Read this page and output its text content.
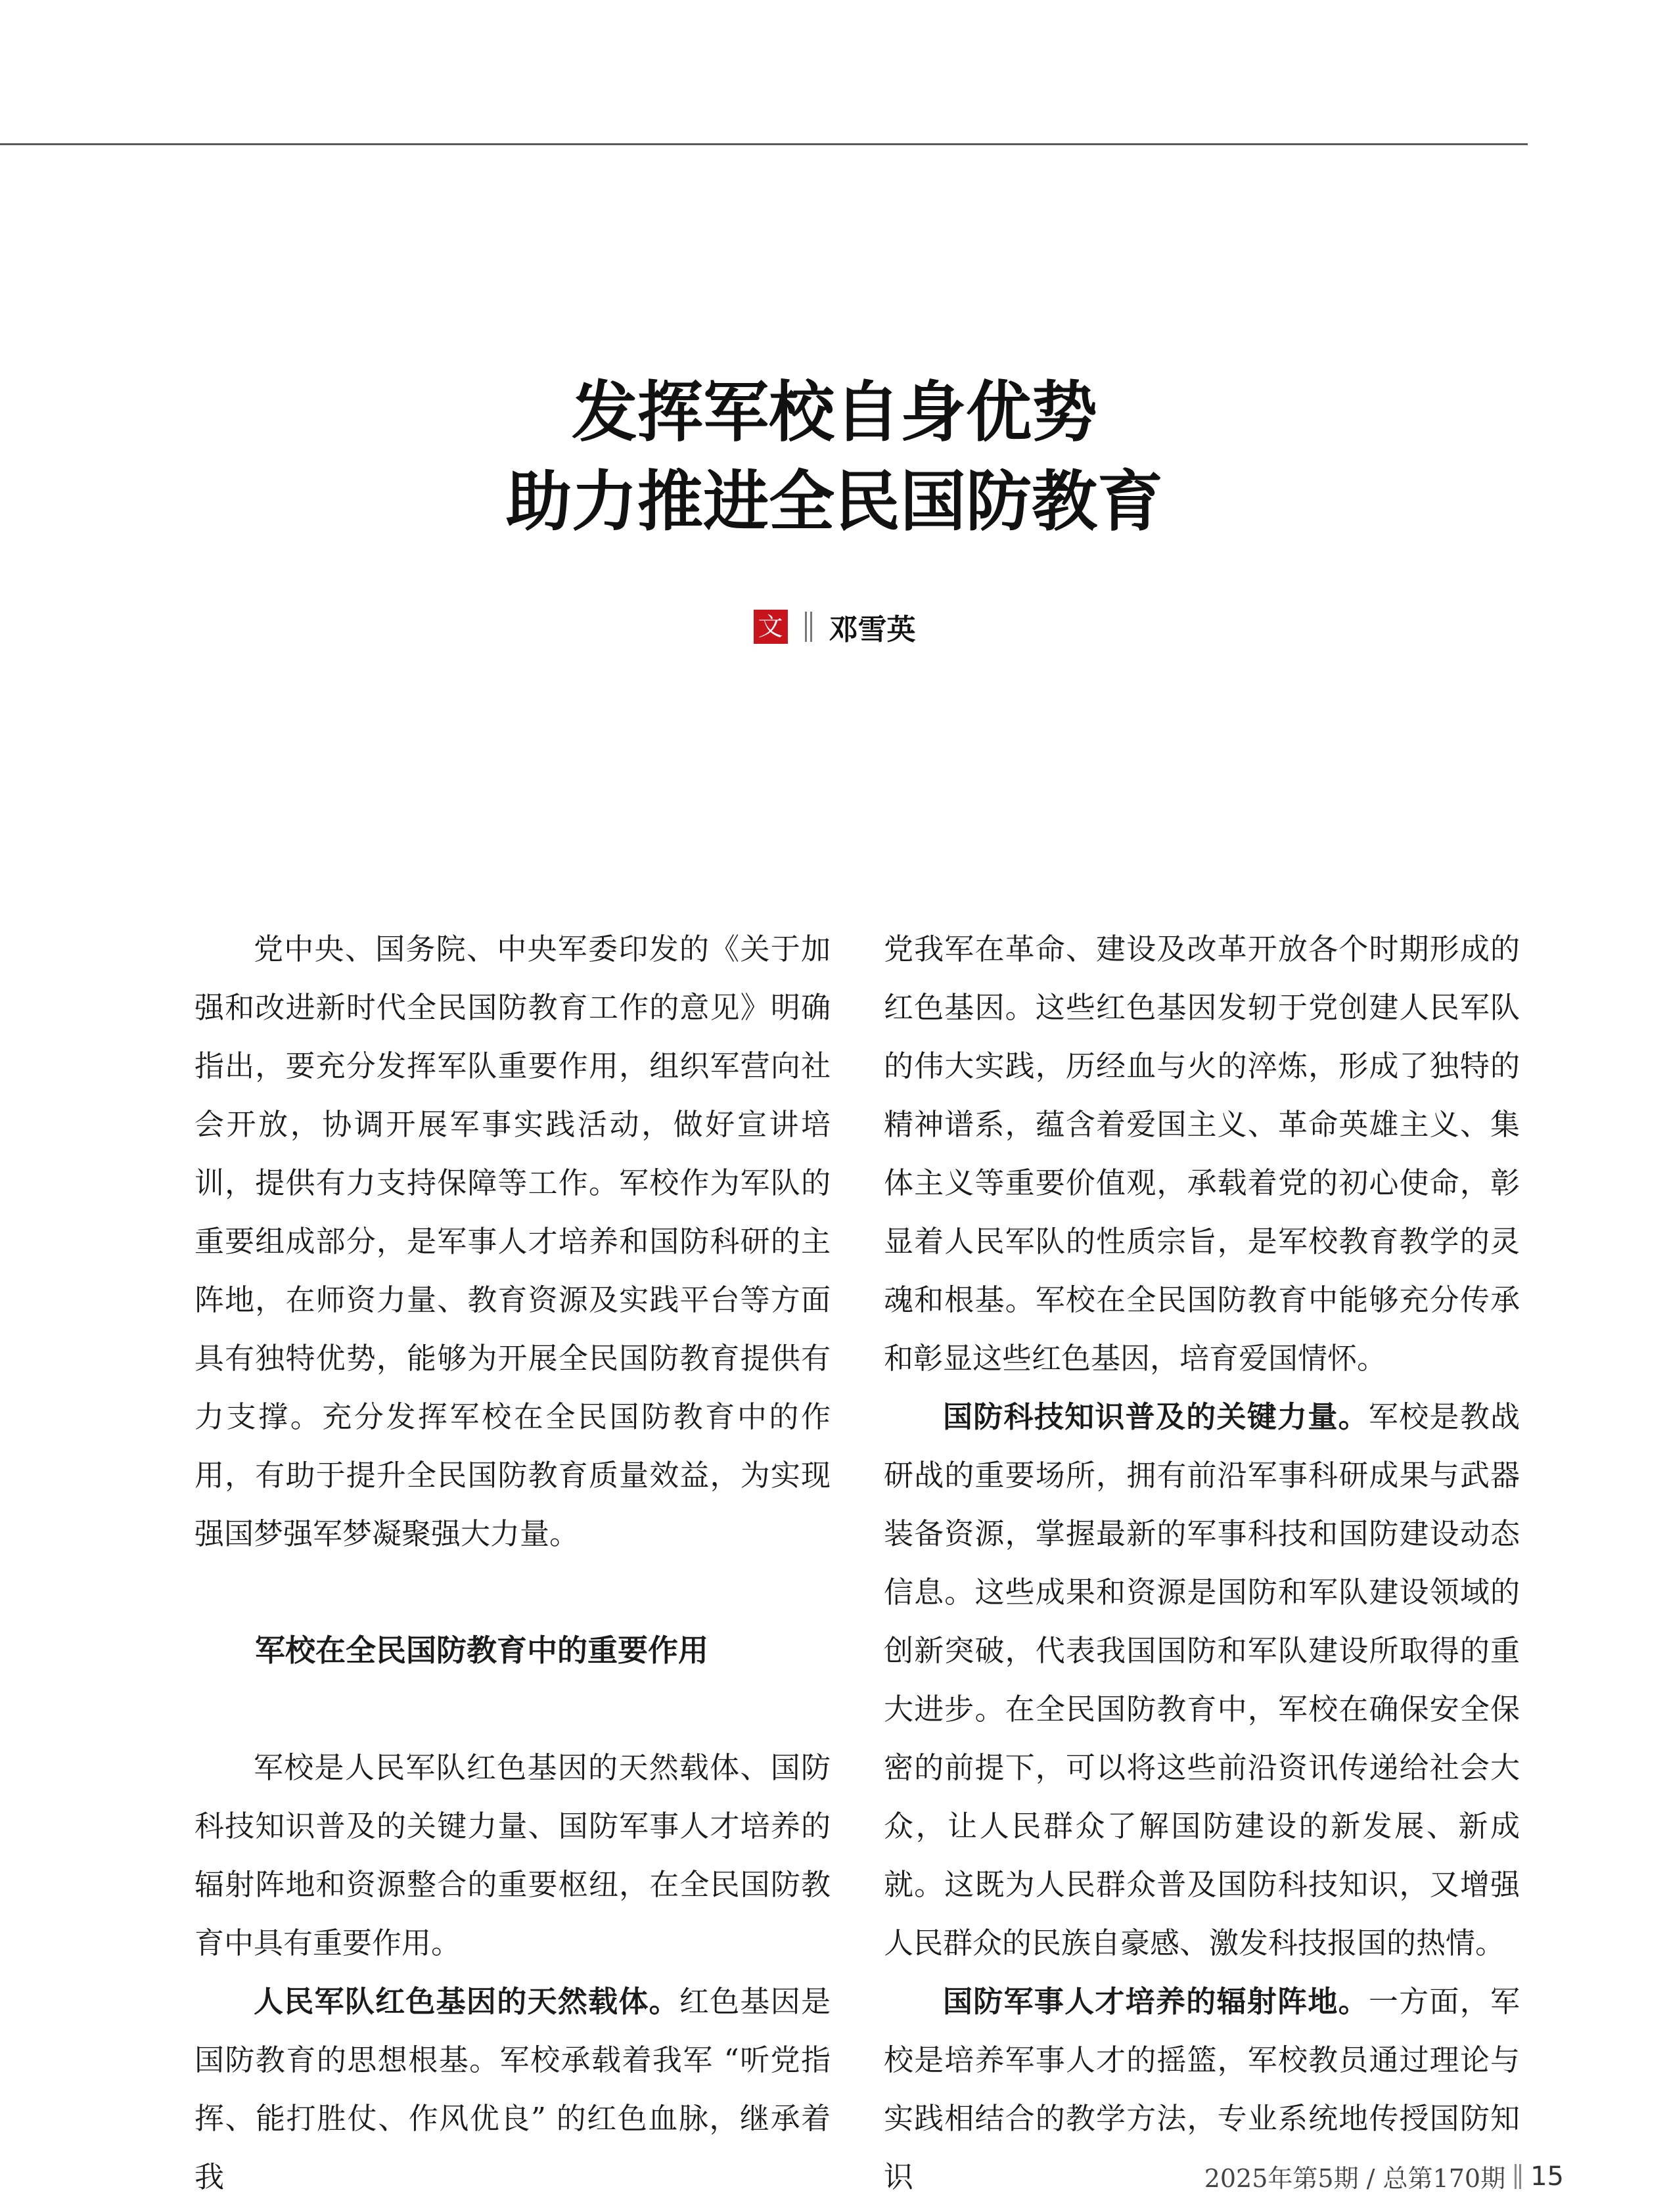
发挥军校自身优势
助力推进全民国防教育
文 邓雪英

党中央、国务院、中央军委印发的《关于加强和改进新时代全民国防教育工作的意见》明确指出，要充分发挥军队重要作用，组织军营向社会开放，协调开展军事实践活动，做好宣讲培训，提供有力支持保障等工作。军校作为军队的重要组成部分，是军事人才培养和国防科研的主阵地，在师资力量、教育资源及实践平台等方面具有独特优势，能够为开展全民国防教育提供有力支撑。充分发挥军校在全民国防教育中的作用，有助于提升全民国防教育质量效益，为实现强国梦强军梦凝聚强大力量。

军校在全民国防教育中的重要作用

军校是人民军队红色基因的天然载体、国防科技知识普及的关键力量、国防军事人才培养的辐射阵地和资源整合的重要枢纽，在全民国防教育中具有重要作用。

人民军队红色基因的天然载体。红色基因是国防教育的思想根基。军校承载着我军 “听党指挥、能打胜仗、作风优良” 的红色血脉，继承着我

党我军在革命、建设及改革开放各个时期形成的红色基因。这些红色基因发轫于党创建人民军队的伟大实践，历经血与火的淬炼，形成了独特的精神谱系，蕴含着爱国主义、革命英雄主义、集体主义等重要价值观，承载着党的初心使命，彰显着人民军队的性质宗旨，是军校教育教学的灵魂和根基。军校在全民国防教育中能够充分传承和彰显这些红色基因，培育爱国情怀。

国防科技知识普及的关键力量。军校是教战研战的重要场所，拥有前沿军事科研成果与武器装备资源，掌握最新的军事科技和国防建设动态信息。这些成果和资源是国防和军队建设领域的创新突破，代表我国国防和军队建设所取得的重大进步。在全民国防教育中，军校在确保安全保密的前提下，可以将这些前沿资讯传递给社会大众，让人民群众了解国防建设的新发展、新成就。这既为人民群众普及国防科技知识，又增强人民群众的民族自豪感、激发科技报国的热情。

国防军事人才培养的辐射阵地。一方面，军校是培养军事人才的摇篮，军校教员通过理论与实践相结合的教学方法，专业系统地传授国防知识	2025年第5期 / 总第170期 15
